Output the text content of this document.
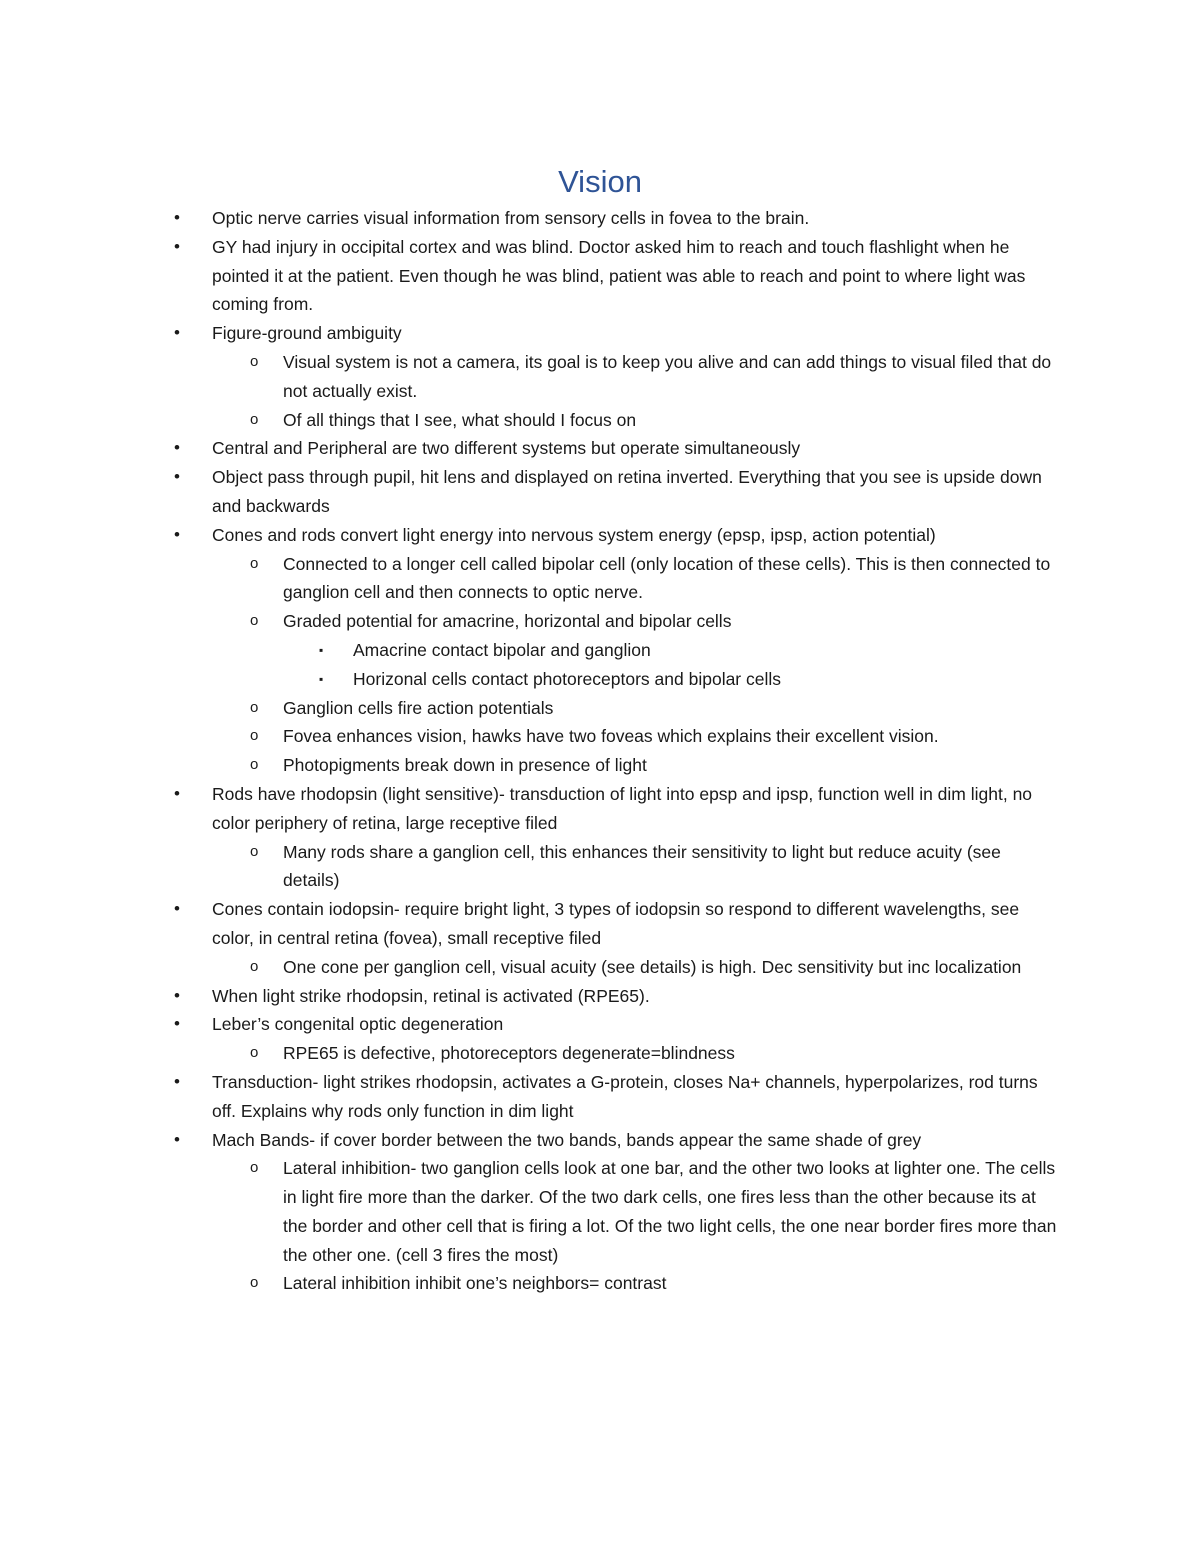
Vision
• Optic nerve carries visual information from sensory cells in fovea to the brain.
• GY had injury in occipital cortex and was blind. Doctor asked him to reach and touch flashlight when he pointed it at the patient. Even though he was blind, patient was able to reach and point to where light was coming from.
• Figure-ground ambiguity
o Visual system is not a camera, its goal is to keep you alive and can add things to visual filed that do not actually exist.
o Of all things that I see, what should I focus on
• Central and Peripheral are two different systems but operate simultaneously
• Object pass through pupil, hit lens and displayed on retina inverted. Everything that you see is upside down and backwards
• Cones and rods convert light energy into nervous system energy (epsp, ipsp, action potential)
o Connected to a longer cell called bipolar cell (only location of these cells). This is then connected to ganglion cell and then connects to optic nerve.
o Graded potential for amacrine, horizontal and bipolar cells
▪ Amacrine contact bipolar and ganglion
▪ Horizonal cells contact photoreceptors and bipolar cells
o Ganglion cells fire action potentials
o Fovea enhances vision, hawks have two foveas which explains their excellent vision.
o Photopigments break down in presence of light
• Rods have rhodopsin (light sensitive)- transduction of light into epsp and ipsp, function well in dim light, no color periphery of retina, large receptive filed
o Many rods share a ganglion cell, this enhances their sensitivity to light but reduce acuity (see details)
• Cones contain iodopsin- require bright light, 3 types of iodopsin so respond to different wavelengths, see color, in central retina (fovea), small receptive filed
o One cone per ganglion cell, visual acuity (see details) is high. Dec sensitivity but inc localization
• When light strike rhodopsin, retinal is activated (RPE65).
• Leber’s congenital optic degeneration
o RPE65 is defective, photoreceptors degenerate=blindness
• Transduction- light strikes rhodopsin, activates a G-protein, closes Na+ channels, hyperpolarizes, rod turns off. Explains why rods only function in dim light
• Mach Bands- if cover border between the two bands, bands appear the same shade of grey
o Lateral inhibition- two ganglion cells look at one bar, and the other two looks at lighter one. The cells in light fire more than the darker. Of the two dark cells, one fires less than the other because its at the border and other cell that is firing a lot. Of the two light cells, the one near border fires more than the other one. (cell 3 fires the most)
o Lateral inhibition inhibit one’s neighbors= contrast
